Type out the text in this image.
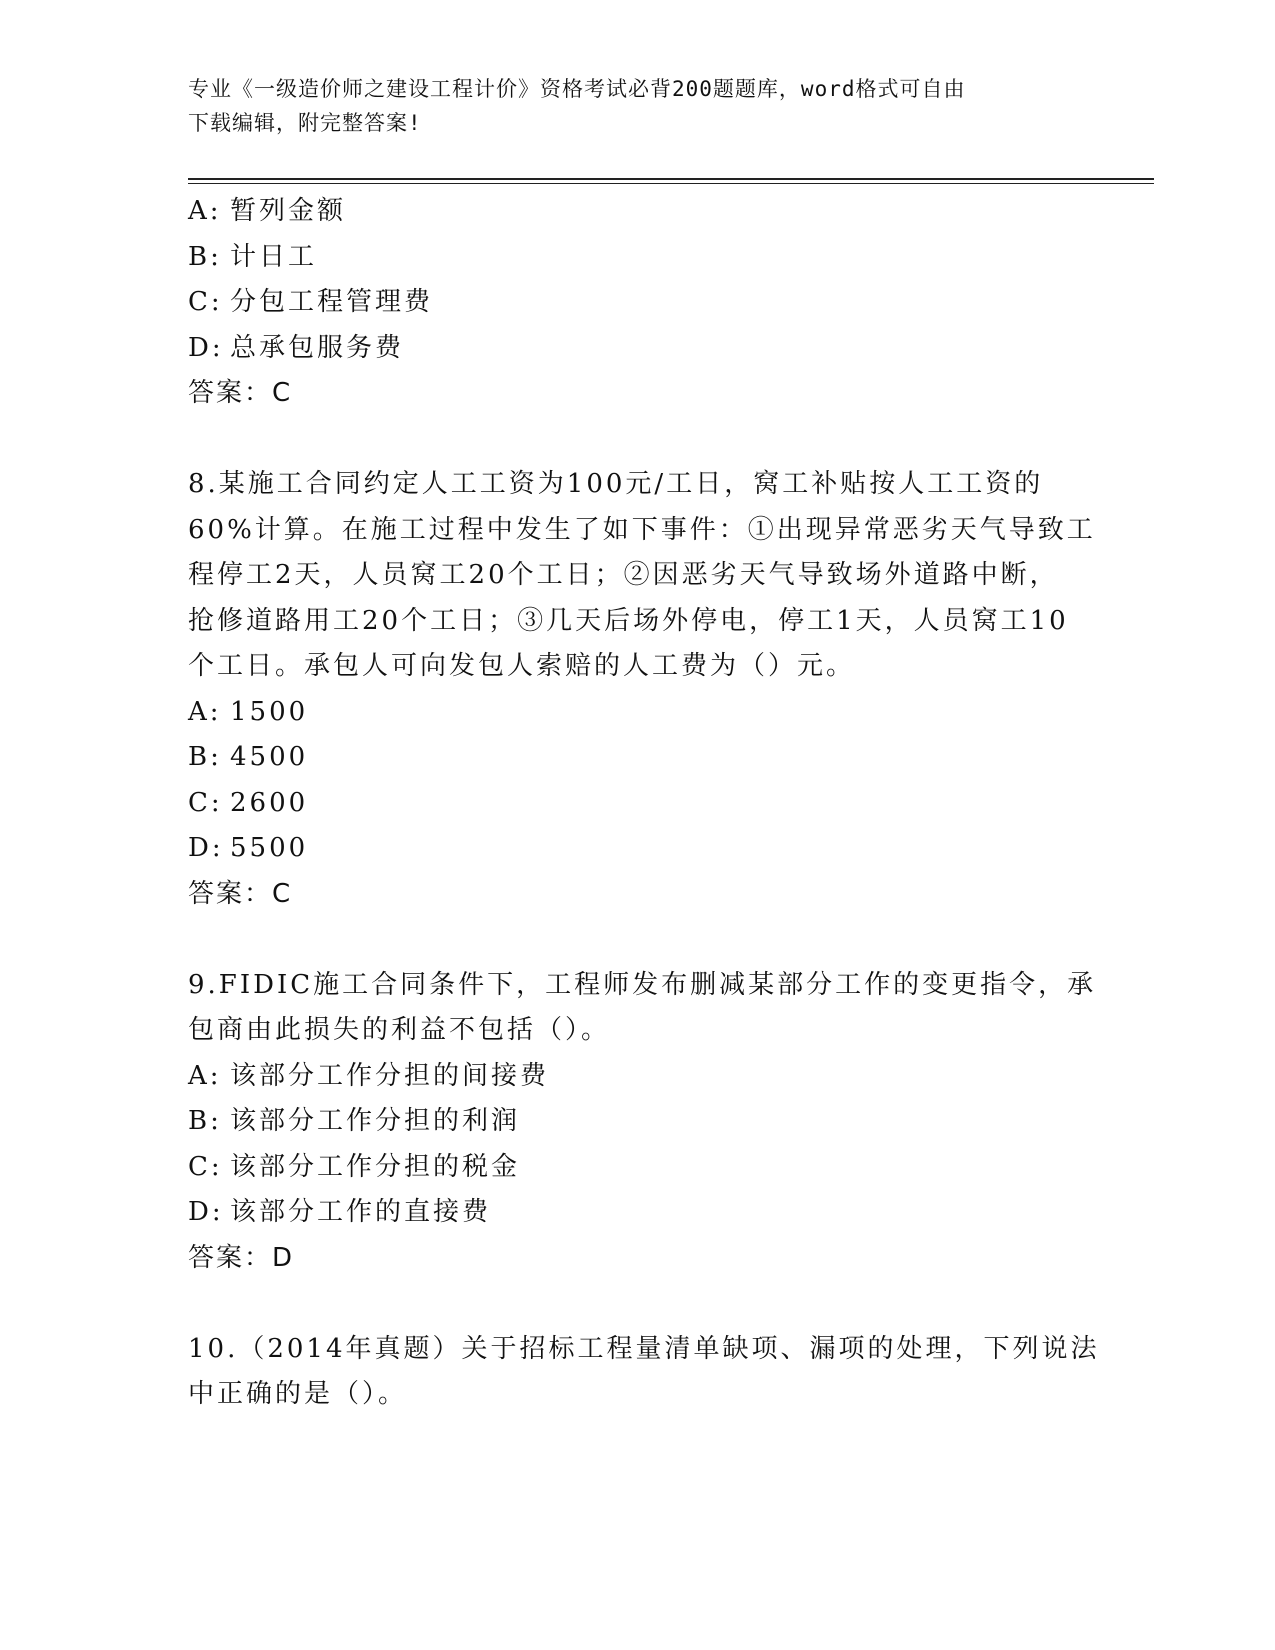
专业《一级造价师之建设工程计价》资格考试必背200题题库，word格式可自由
下载编辑，附完整答案!
A: 暂列金额
B: 计日工
C: 分包工程管理费
D: 总承包服务费
答案：C
8.某施工合同约定人工工资为100元/工日，窝工补贴按人工工资的
60%计算。在施工过程中发生了如下事件：①出现异常恶劣天气导致工
程停工2天，人员窝工20个工日；②因恶劣天气导致场外道路中断，
抢修道路用工20个工日；③几天后场外停电，停工1天，人员窝工10
个工日。承包人可向发包人索赔的人工费为（）元。
A: 1500
B: 4500
C: 2600
D: 5500
答案：C
9.FIDIC施工合同条件下，工程师发布删减某部分工作的变更指令，承
包商由此损失的利益不包括（）。
A: 该部分工作分担的间接费
B: 该部分工作分担的利润
C: 该部分工作分担的税金
D: 该部分工作的直接费
答案：D
10.（2014年真题）关于招标工程量清单缺项、漏项的处理，下列说法
中正确的是（）。
